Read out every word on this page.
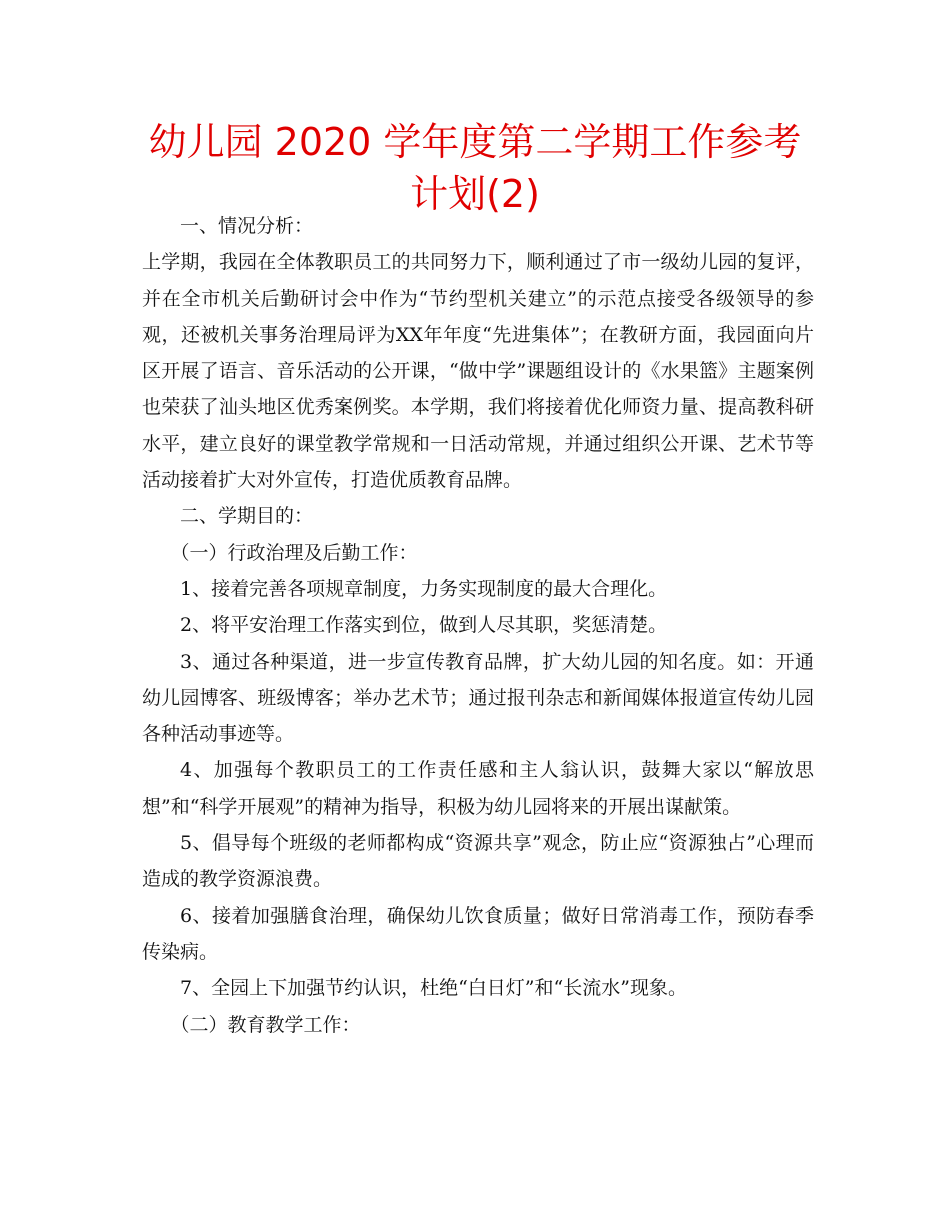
幼儿园 2020 学年度第二学期工作参考计划(2)

一、情况分析：

上学期，我园在全体教职员工的共同努力下，顺利通过了市一级幼儿园的复评，并在全市机关后勤研讨会中作为“节约型机关建立”的示范点接受各级领导的参观，还被机关事务治理局评为XX年年度“先进集体”；在教研方面，我园面向片区开展了语言、音乐活动的公开课，“做中学”课题组设计的《水果篮》主题案例也荣获了汕头地区优秀案例奖。本学期，我们将接着优化师资力量、提高教科研水平，建立良好的课堂教学常规和一日活动常规，并通过组织公开课、艺术节等活动接着扩大对外宣传，打造优质教育品牌。

二、学期目的：

（一）行政治理及后勤工作：

1、接着完善各项规章制度，力务实现制度的最大合理化。

2、将平安治理工作落实到位，做到人尽其职，奖惩清楚。

3、通过各种渠道，进一步宣传教育品牌，扩大幼儿园的知名度。如：开通幼儿园博客、班级博客；举办艺术节；通过报刊杂志和新闻媒体报道宣传幼儿园各种活动事迹等。

4、加强每个教职员工的工作责任感和主人翁认识，鼓舞大家以“解放思想”和“科学开展观”的精神为指导，积极为幼儿园将来的开展出谋献策。

5、倡导每个班级的老师都构成“资源共享”观念，防止应“资源独占”心理而造成的教学资源浪费。

6、接着加强膳食治理，确保幼儿饮食质量；做好日常消毒工作，预防春季传染病。

7、全园上下加强节约认识，杜绝“白日灯”和“长流水”现象。

（二）教育教学工作：
